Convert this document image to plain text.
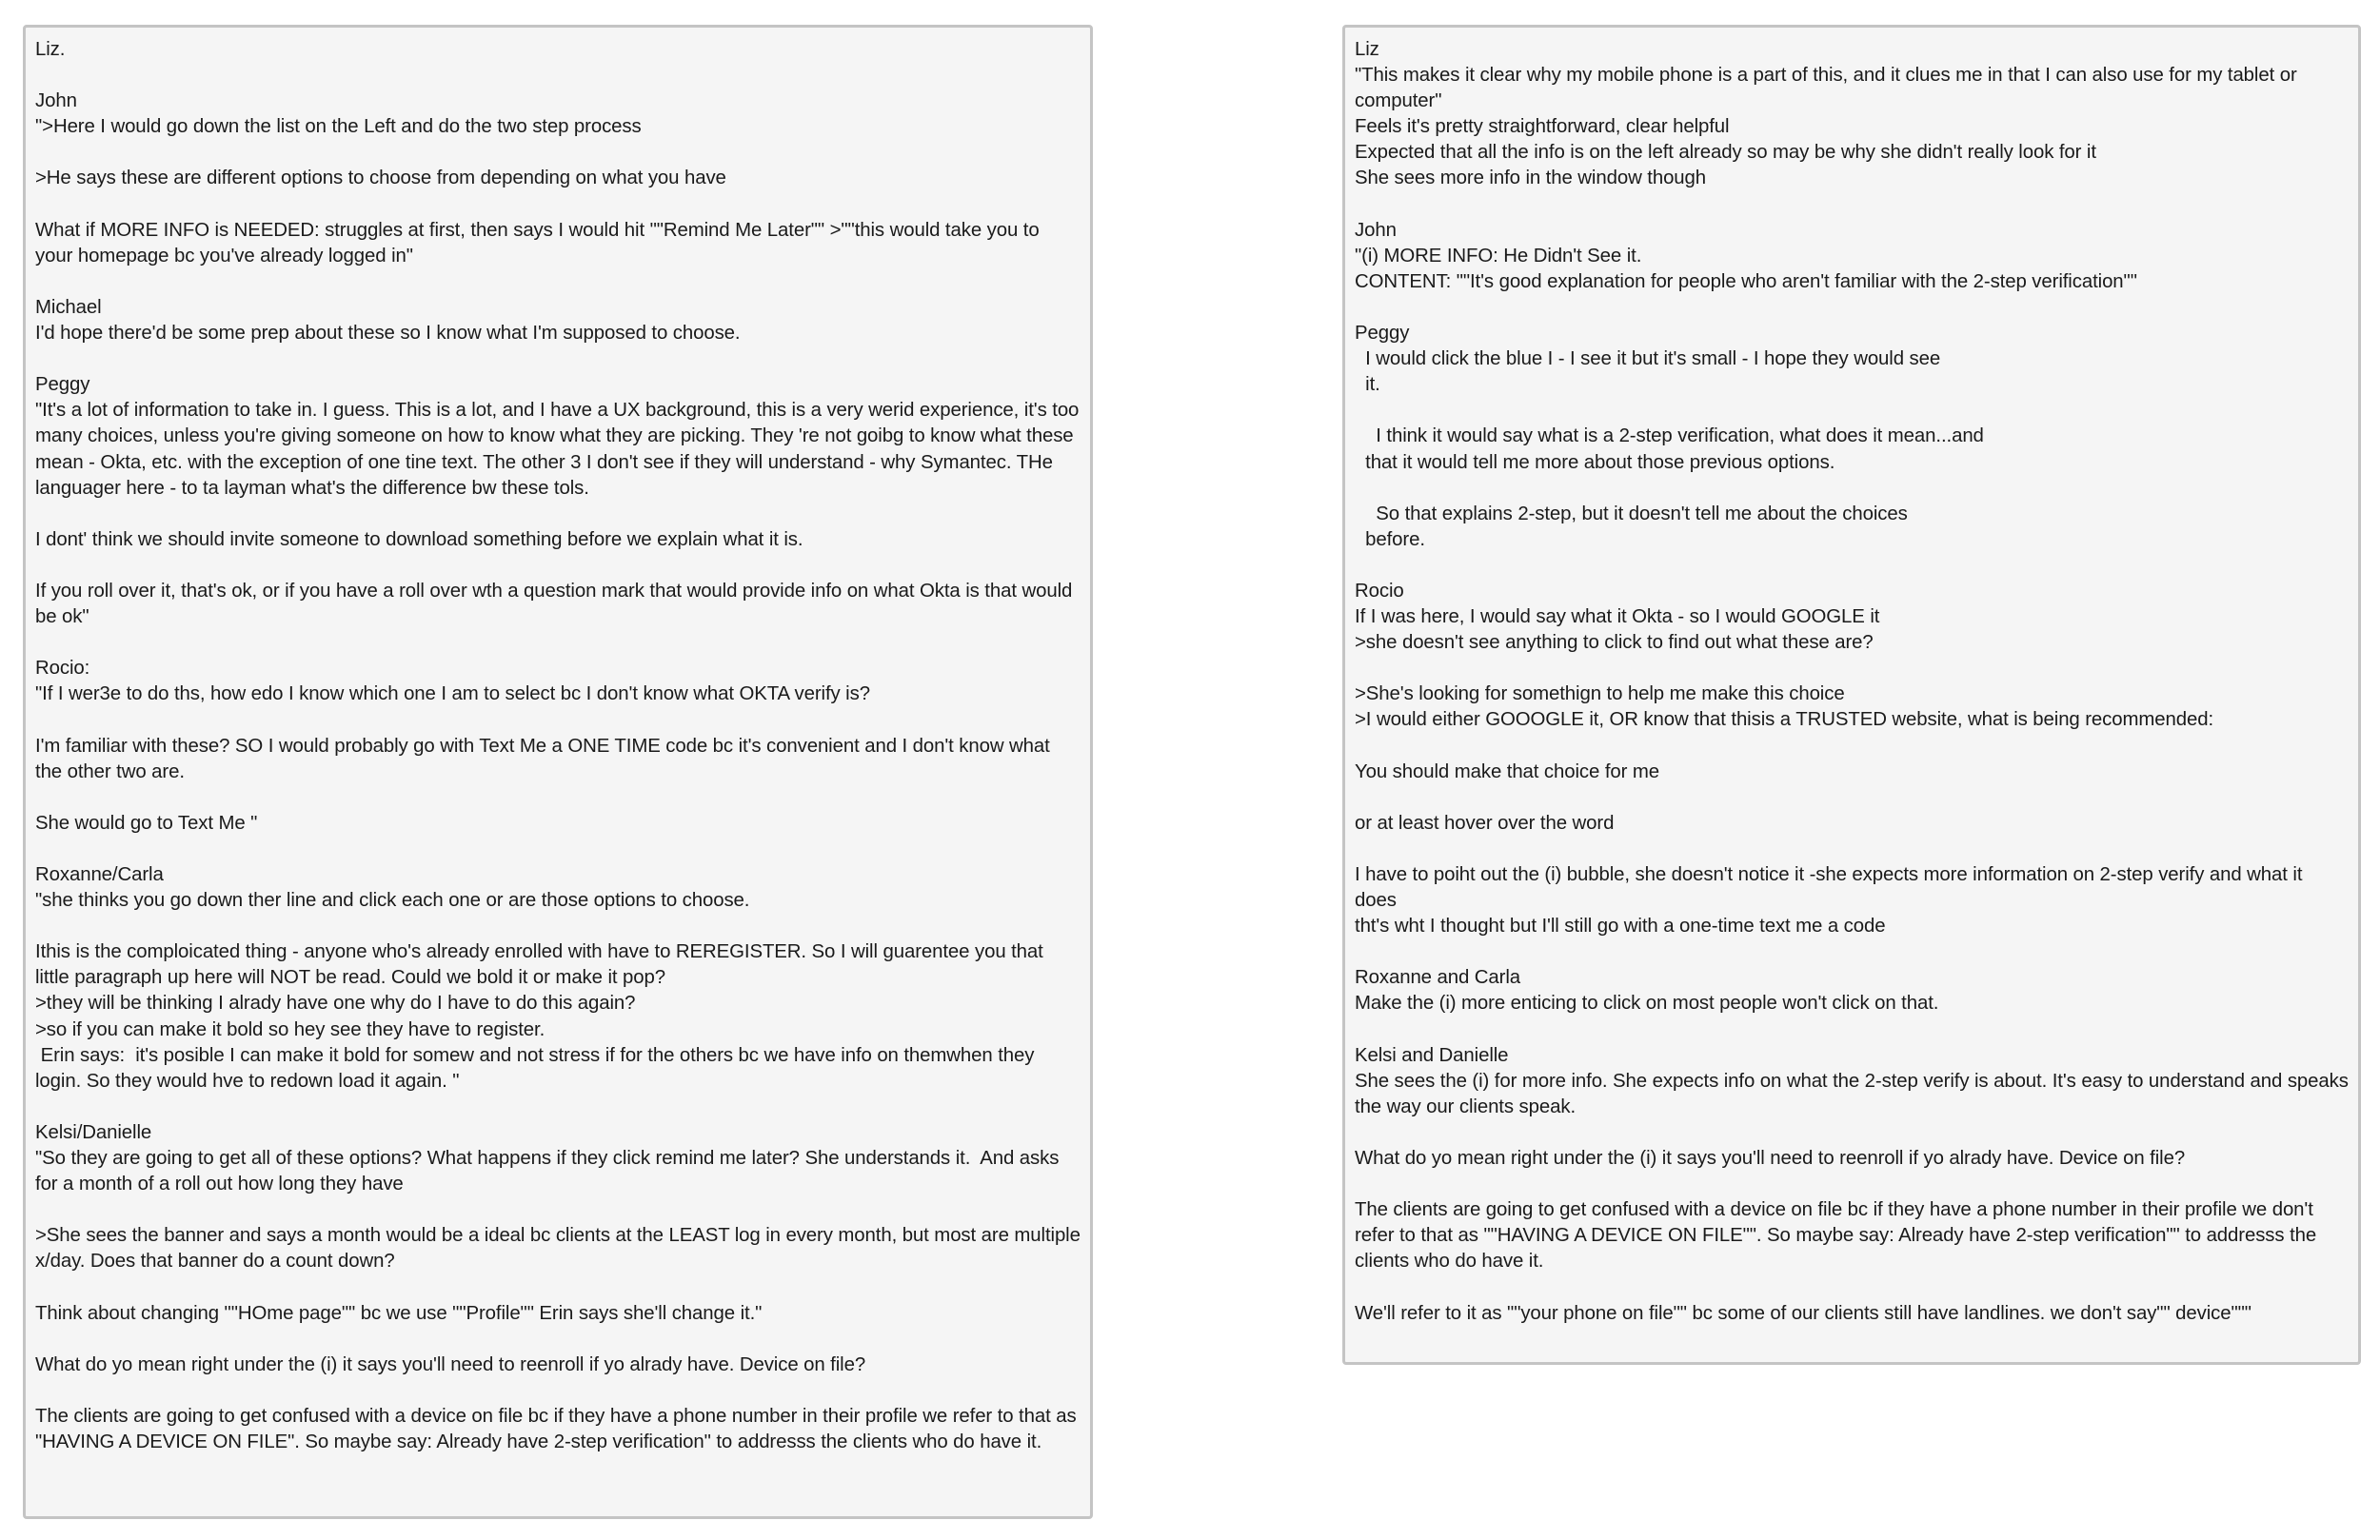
Liz.

John
">Here I would go down the list on the Left and do the two step process

>He says these are different options to choose from depending on what you have

What if MORE INFO is NEEDED: struggles at first, then says I would hit ""Remind Me Later"" >""this would take you to your homepage bc you've already logged in"

Michael
I'd hope there'd be some prep about these so I know what I'm supposed to choose.

Peggy
"It's a lot of information to take in. I guess. This is a lot, and I have a UX background, this is a very werid experience, it's too many choices, unless you're giving someone on how to know what they are picking. They 're not goibg to know what these mean - Okta, etc. with the exception of one tine text. The other 3 I don't see if they will understand - why Symantec. THe languager here - to ta layman what's the difference bw these tols.

I dont' think we should invite someone to download something before we explain what it is.

If you roll over it, that's ok, or if you have a roll over wth a question mark that would provide info on what Okta is that would be ok"

Rocio:
"If I wer3e to do ths, how edo I know which one I am to select bc I don't know what OKTA verify is?

I'm familiar with these? SO I would probably go with Text Me a ONE TIME code bc it's convenient and I don't know what the other two are.

She would go to Text Me "

Roxanne/Carla
"she thinks you go down ther line and click each one or are those options to choose.

Ithis is the comploicated thing - anyone who's already enrolled with have to REREGISTER. So I will guarentee you that little paragraph up here will NOT be read. Could we bold it or make it pop?
>they will be thinking I alrady have one why do I have to do this again?
>so if you can make it bold so hey see they have to register.
Erin says:  it's posible I can make it bold for somew and not stress if for the others bc we have info on themwhen they login. So they would hve to redown load it again. "

Kelsi/Danielle
"So they are going to get all of these options? What happens if they click remind me later? She understands it.  And asks for a month of a roll out how long they have

>She sees the banner and says a month would be a ideal bc clients at the LEAST log in every month, but most are multiple x/day. Does that banner do a count down?

Think about changing ""HOme page"" bc we use ""Profile"" Erin says she'll change it."

What do yo mean right under the (i) it says you'll need to reenroll if yo alrady have. Device on file?

The clients are going to get confused with a device on file bc if they have a phone number in their profile we refer to that as "HAVING A DEVICE ON FILE". So maybe say: Already have 2-step verification" to addresss the clients who do have it.
Liz
"This makes it clear why my mobile phone is a part of this, and it clues me in that I can also use for my tablet or computer"
Feels it's pretty straightforward, clear helpful
Expected that all the info is on the left already so may be why she didn't really look for it
She sees more info in the window though

John
"(i) MORE INFO: He Didn't See it.
CONTENT: ""It's good explanation for people who aren't familiar with the 2-step verification""

Peggy
I would click the blue I - I see it but it's small - I hope they would see
it.

I think it would say what is a 2-step verification, what does it mean...and
that it would tell me more about those previous options.

So that explains 2-step, but it doesn't tell me about the choices
before.

Rocio
If I was here, I would say what it Okta - so I would GOOGLE it
>she doesn't see anything to click to find out what these are?

>She's looking for somethign to help me make this choice
>I would either GOOOGLE it, OR know that thisis a TRUSTED website, what is being recommended:

You should make that choice for me

or at least hover over the word

I have to poiht out the (i) bubble, she doesn't notice it -she expects more information on 2-step verify and what it does
tht's wht I thought but I'll still go with a one-time text me a code

Roxanne and Carla
Make the (i) more enticing to click on most people won't click on that.

Kelsi and Danielle
She sees the (i) for more info. She expects info on what the 2-step verify is about. It's easy to understand and speaks the way our clients speak.

What do yo mean right under the (i) it says you'll need to reenroll if yo alrady have. Device on file?

The clients are going to get confused with a device on file bc if they have a phone number in their profile we don't refer to that as ""HAVING A DEVICE ON FILE"". So maybe say: Already have 2-step verification"" to addresss the clients who do have it.

We'll refer to it as ""your phone on file"" bc some of our clients still have landlines. we don't say"" device"""
